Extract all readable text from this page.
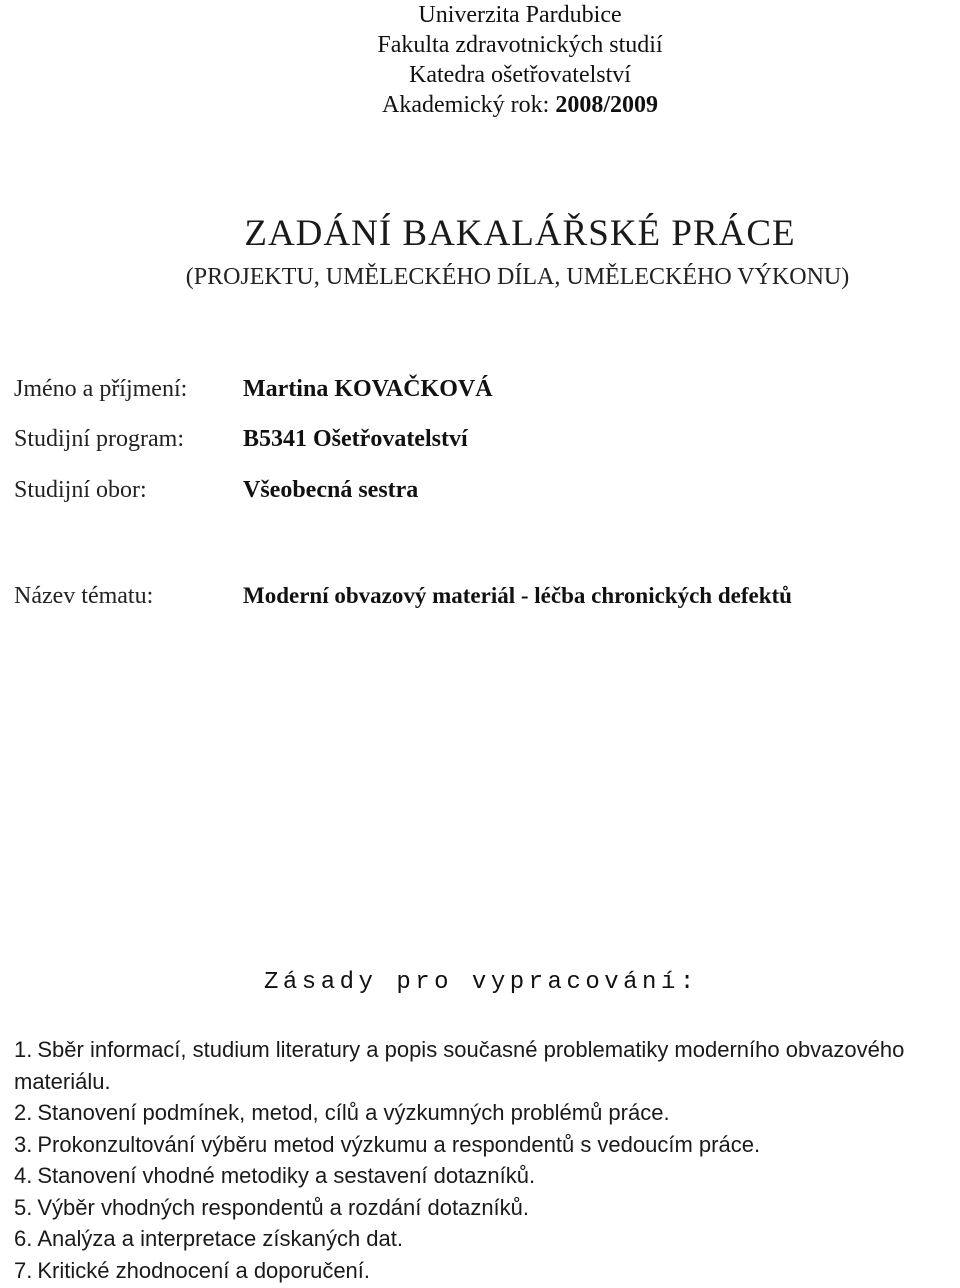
Univerzita Pardubice
Fakulta zdravotnických studií
Katedra ošetřovatelství
Akademický rok: 2008/2009
ZADÁNÍ BAKALÁŘSKÉ PRÁCE
(PROJEKTU, UMĚLECKÉHO DÍLA, UMĚLECKÉHO VÝKONU)
Jméno a příjmení: Martina KOVAČKOVÁ
Studijní program: B5341 Ošetřovatelství
Studijní obor:	Všeobecná sestra
Název tématu:	Moderní obvazový materiál - léčba chronických defektů
Zásady pro vypracování:

1. Sběr informací, studium literatury a popis současné problematiky moderního obvazového materiálu.

2. Stanovení podmínek, metod, cílů a výzkumných problémů práce.

3. Prokonzultování výběru metod výzkumu a respondentů s vedoucím práce.

4. Stanovení vhodné metodiky a sestavení dotazníků.

5. Výběr vhodných respondentů a rozdání dotazníků.

6. Analýza a interpretace získaných dat.

7. Kritické zhodnocení a doporučení.
